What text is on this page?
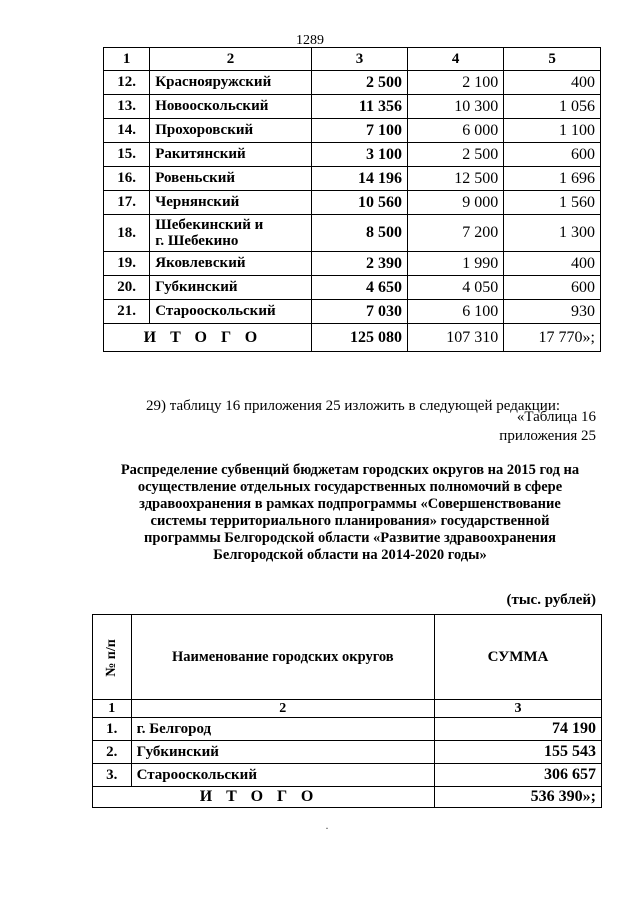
1289
1	2	3	4	5
12.	Краснояружский	2 500	2 100	400
13.	Новооскольский	11 356	10 300	1 056
14.	Прохоровский	7 100	6 000	1 100
15.	Ракитянский	3 100	2 500	600
16.	Ровеньский	14 196	12 500	1 696
17.	Чернянский	10 560	9 000	1 560
18.	Шебекинский и
г. Шебекино	8 500	7 200	1 300
19.	Яковлевский	2 390	1 990	400
20.	Губкинский	4 650	4 050	600
21.	Старооскольский	7 030	6 100	930
ИТОГО		125 080	107 310	17 770»;
29) таблицу 16 приложения 25 изложить в следующей редакции:
«Таблица 16
приложения 25
Распределение субвенций бюджетам городских округов на 2015 год на
осуществление отдельных государственных полномочий в сфере
здравоохранения в рамках подпрограммы «Совершенствование
системы территориального планирования» государственной
программы Белгородской области «Развитие здравоохранения
Белгородской области на 2014-2020 годы»
(тыс. рублей)
№ п/п	Наименование городских округов	СУММА
1	2	3
1.	г. Белгород	74 190
2.	Губкинский	155 543
3.	Старооскольский	306 657
ИТОГО		536 390»;
·
